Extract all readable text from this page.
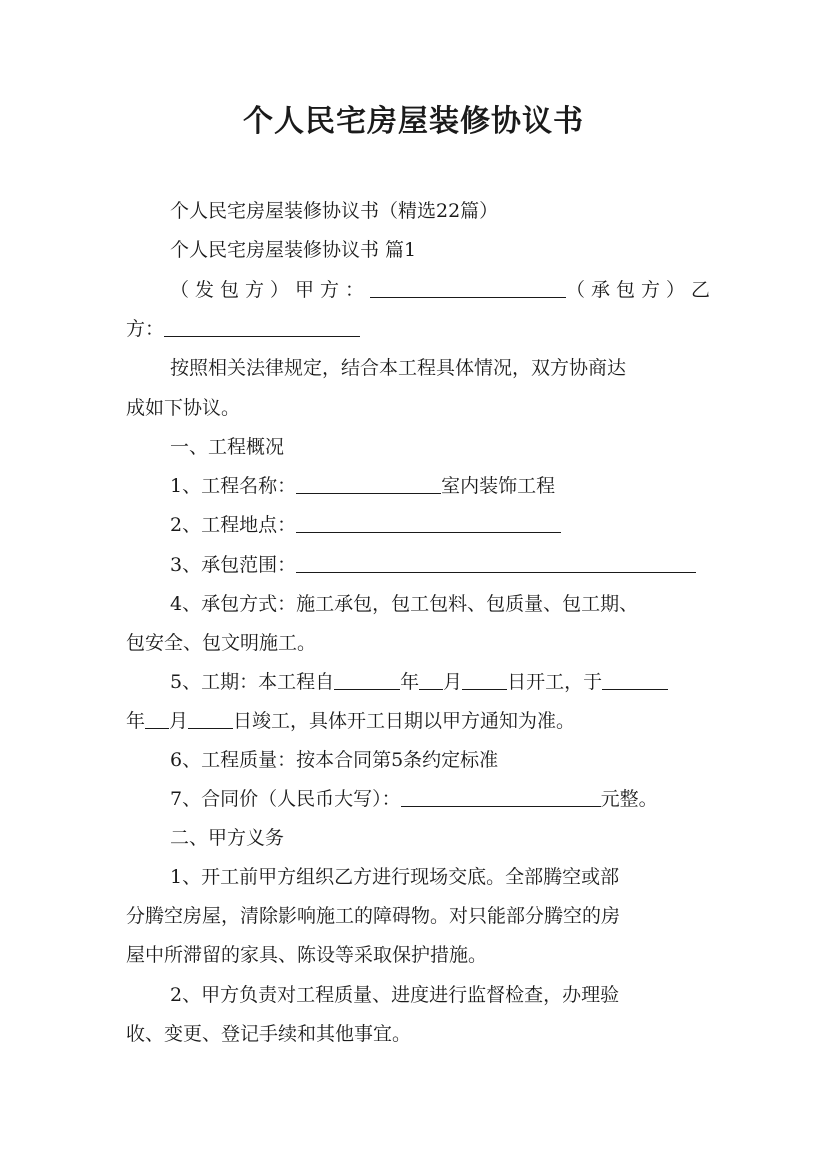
个人民宅房屋装修协议书
个人民宅房屋装修协议书（精选22篇）
个人民宅房屋装修协议书 篇1
（发包方）甲方：	（承包方）乙
方：
按照相关法律规定，结合本工程具体情况，双方协商达
成如下协议。
一、工程概况
1、工程名称：	室内装饰工程
2、工程地点：
3、承包范围：
4、承包方式：施工承包，包工包料、包质量、包工期、
包安全、包文明施工。
5、工期：本工程自	年 月 日开工，于
年 月 日竣工，具体开工日期以甲方通知为准。
6、工程质量：按本合同第5条约定标准
7、合同价（人民币大写）：	元整。
二、甲方义务
1、开工前甲方组织乙方进行现场交底。全部腾空或部
分腾空房屋，清除影响施工的障碍物。对只能部分腾空的房
屋中所滞留的家具、陈设等采取保护措施。
2、甲方负责对工程质量、进度进行监督检查，办理验
收、变更、登记手续和其他事宜。
